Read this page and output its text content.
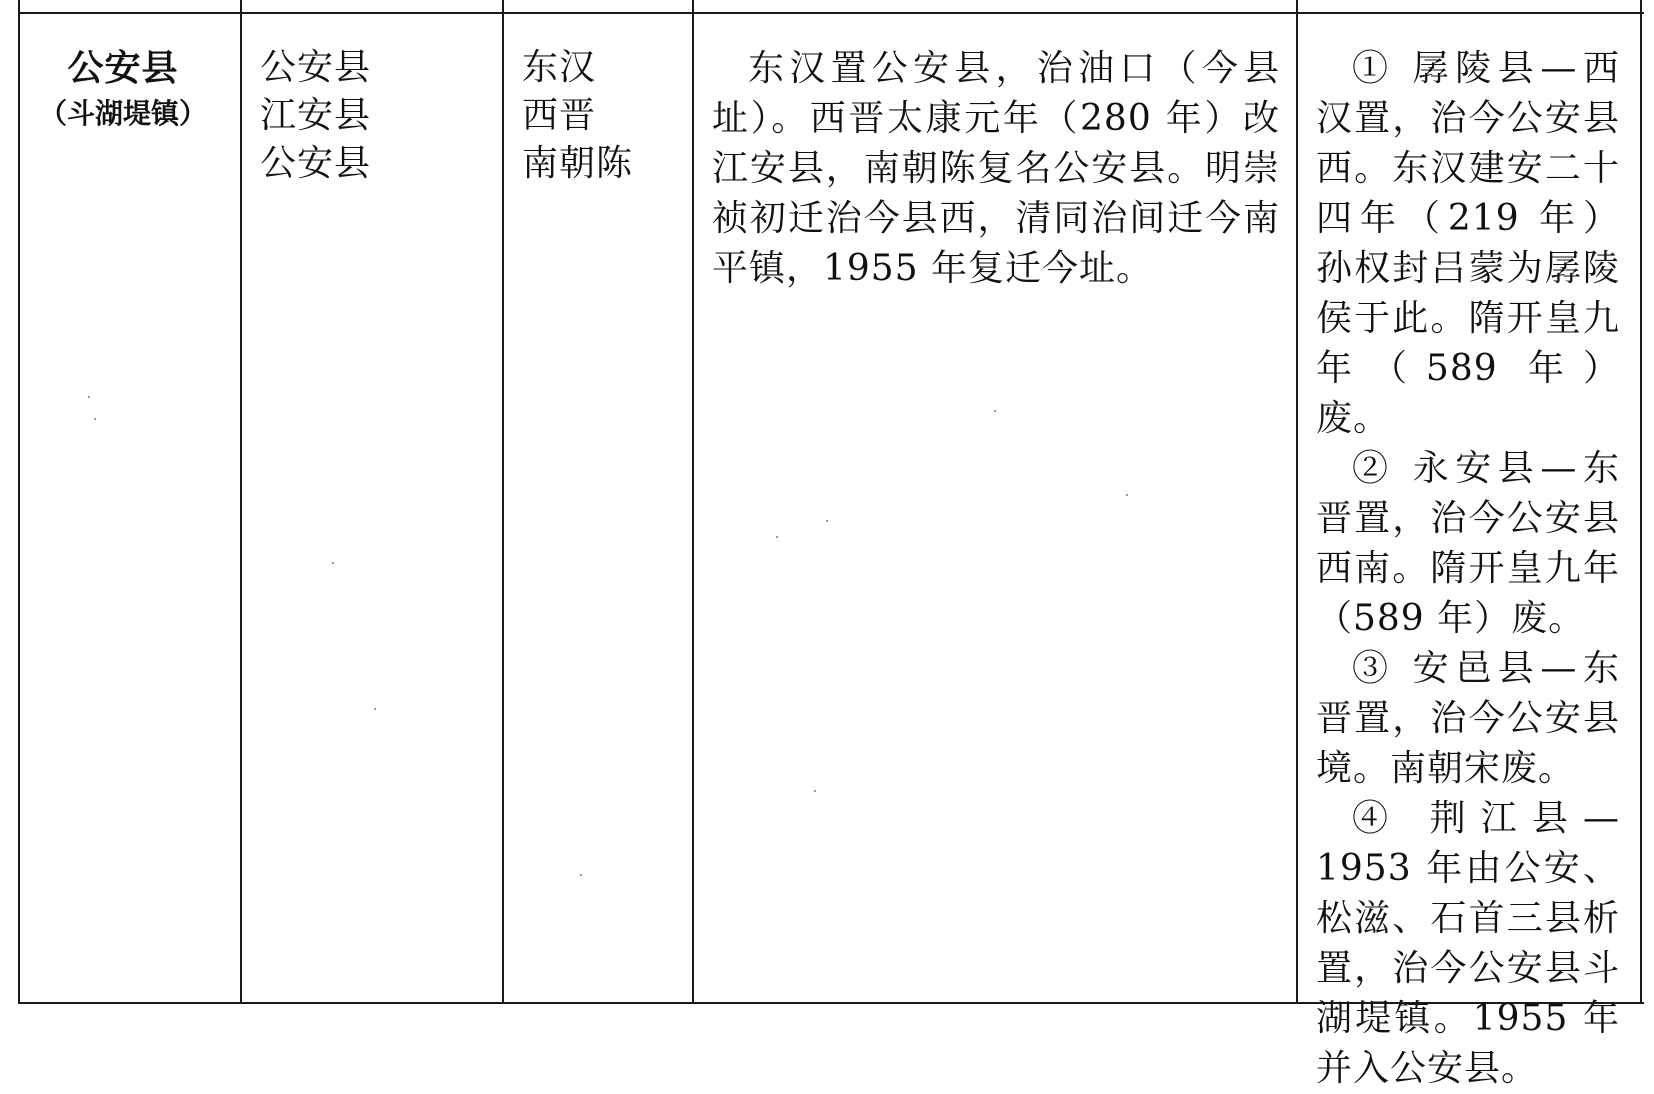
公安县
（斗湖堤镇）
公安县
江安县
公安县
东汉
西晋
南朝陈
东汉置公安县，治油口（今县址）。西晋太康元年（280 年）改江安县，南朝陈复名公安县。明崇祯初迁治今县西，清同治间迁今南平镇，1955 年复迁今址。

① 孱陵县—西汉置，治今公安县西。东汉建安二十四年（219 年）孙权封吕蒙为孱陵侯于此。隋开皇九年（589 年）废。

② 永安县—东晋置，治今公安县西南。隋开皇九年（589 年）废。

③ 安邑县—东晋置，治今公安县境。南朝宋废。

④ 荆江县—1953 年由公安、松滋、石首三县析置，治今公安县斗湖堤镇。1955 年并入公安县。
